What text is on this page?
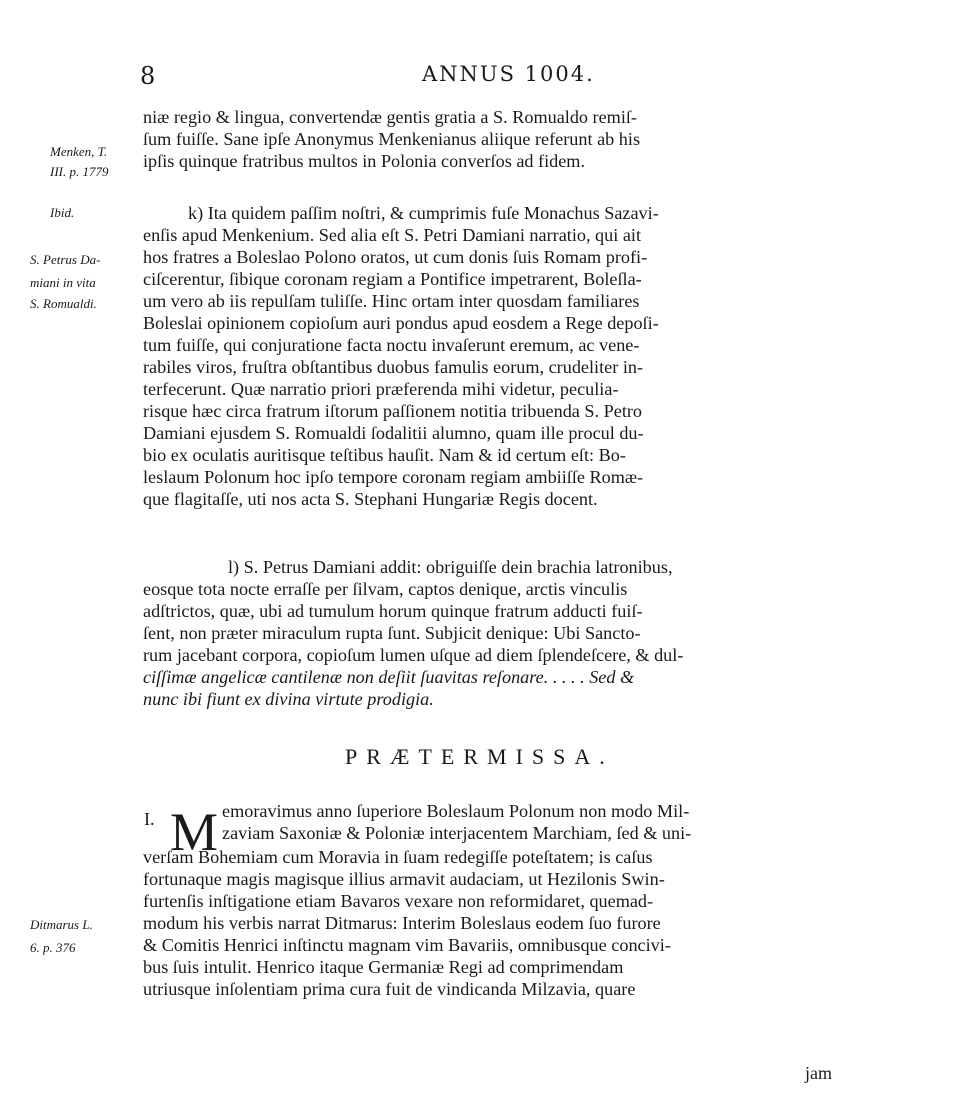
8	ANNUS 1004.
Menken, T.
III. p. 1779
Ibid.
S. Petrus Da-
miani in vita
S. Romualdi.
niæ regio & lingua, convertendæ gentis gratia a S. Romualdo remiſ-
ſum fuiſſe. Sane ipſe Anonymus Menkenianus aliique referunt ab his
ipſis quinque fratribus multos in Polonia converſos ad fidem.
k) Ita quidem paſſim noſtri, & cumprimis fuſe Monachus Sazavi-
enſis apud Menkenium. Sed alia eſt S. Petri Damiani narratio, qui ait
hos fratres a Boleslao Polono oratos, ut cum donis ſuis Romam profi-
ciſcerentur, ſibique coronam regiam a Pontifice impetrarent, Boleſla-
um vero ab iis repulſam tuliſſe. Hinc ortam inter quosdam familiares
Boleslai opinionem copioſum auri pondus apud eosdem a Rege depoſi-
tum fuiſſe, qui conjuratione facta noctu invaſerunt eremum, ac vene-
rabiles viros, fruſtra obſtantibus duobus famulis eorum, crudeliter in-
terfecerunt. Quæ narratio priori præferenda mihi videtur, peculia-
risque hæc circa fratrum iſtorum paſſionem notitia tribuenda S. Petro
Damiani ejusdem S. Romualdi ſodalitii alumno, quam ille procul du-
bio ex oculatis auritisque teſtibus hauſit. Nam & id certum eſt: Bo-
leslaum Polonum hoc ipſo tempore coronam regiam ambiiſſe Romæ-
que flagitaſſe, uti nos acta S. Stephani Hungariæ Regis docent.
l) S. Petrus Damiani addit: obriguiſſe dein brachia latronibus,
eosque tota nocte erraſſe per ſilvam, captos denique, arctis vinculis
adſtrictos, quæ, ubi ad tumulum horum quinque fratrum adducti fuiſ-
ſent, non præter miraculum rupta ſunt. Subjicit denique: Ubi Sancto-
rum jacebant corpora, copioſum lumen uſque ad diem ſplendeſcere, & dul-
ciſſimæ angelicæ cantilenæ non deſiit ſuavitas reſonare. . . . . Sed &
nunc ibi fiunt ex divina virtute prodigia.
PRÆTERMISSA.
I. M emoravimus anno ſuperiore Boleslaum Polonum non modo Mil-
zaviam Saxoniæ & Poloniæ interjacentem Marchiam, ſed & uni-
verſam Bohemiam cum Moravia in ſuam redegiſſe poteſtatem; is caſus
fortunaque magis magisque illius armavit audaciam, ut Hezilonis Swin-
furtenſis inſtigatione etiam Bavaros vexare non reformidaret, quemad-
modum his verbis narrat Ditmarus: Interim Boleslaus eodem ſuo furore
& Comitis Henrici inſtinctu magnam vim Bavariis, omnibusque concivi-
bus ſuis intulit. Henrico itaque Germaniæ Regi ad comprimendam
utriusque inſolentiam prima cura fuit de vindicanda Milzavia, quare
Ditmarus L.
6. p. 376
jam
